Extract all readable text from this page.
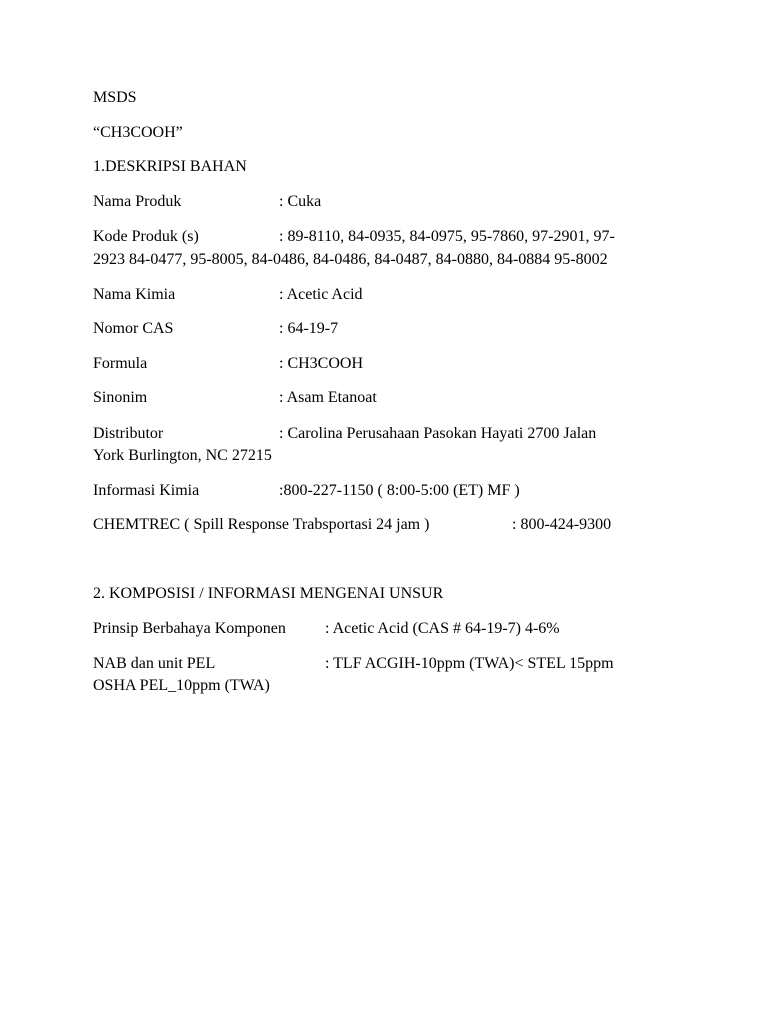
MSDS
“CH3COOH”
1.DESKRIPSI BAHAN
Nama Produk	: Cuka
Kode Produk (s)	: 89-8110, 84-0935, 84-0975, 95-7860, 97-2901, 97-
2923 84-0477, 95-8005, 84-0486, 84-0486, 84-0487, 84-0880, 84-0884 95-8002
Nama Kimia	: Acetic Acid
Nomor CAS	: 64-19-7
Formula	: CH3COOH
Sinonim	: Asam Etanoat
Distributor	: Carolina Perusahaan Pasokan Hayati 2700 Jalan
York Burlington, NC 27215
Informasi Kimia	:800-227-1150 ( 8:00-5:00 (ET) MF )
CHEMTREC ( Spill Response Trabsportasi 24 jam )	: 800-424-9300
2. KOMPOSISI / INFORMASI MENGENAI UNSUR
Prinsip Berbahaya Komponen : Acetic Acid (CAS # 64-19-7) 4-6%
NAB dan unit PEL	: TLF ACGIH-10ppm (TWA)< STEL 15ppm
OSHA PEL_10ppm (TWA)
